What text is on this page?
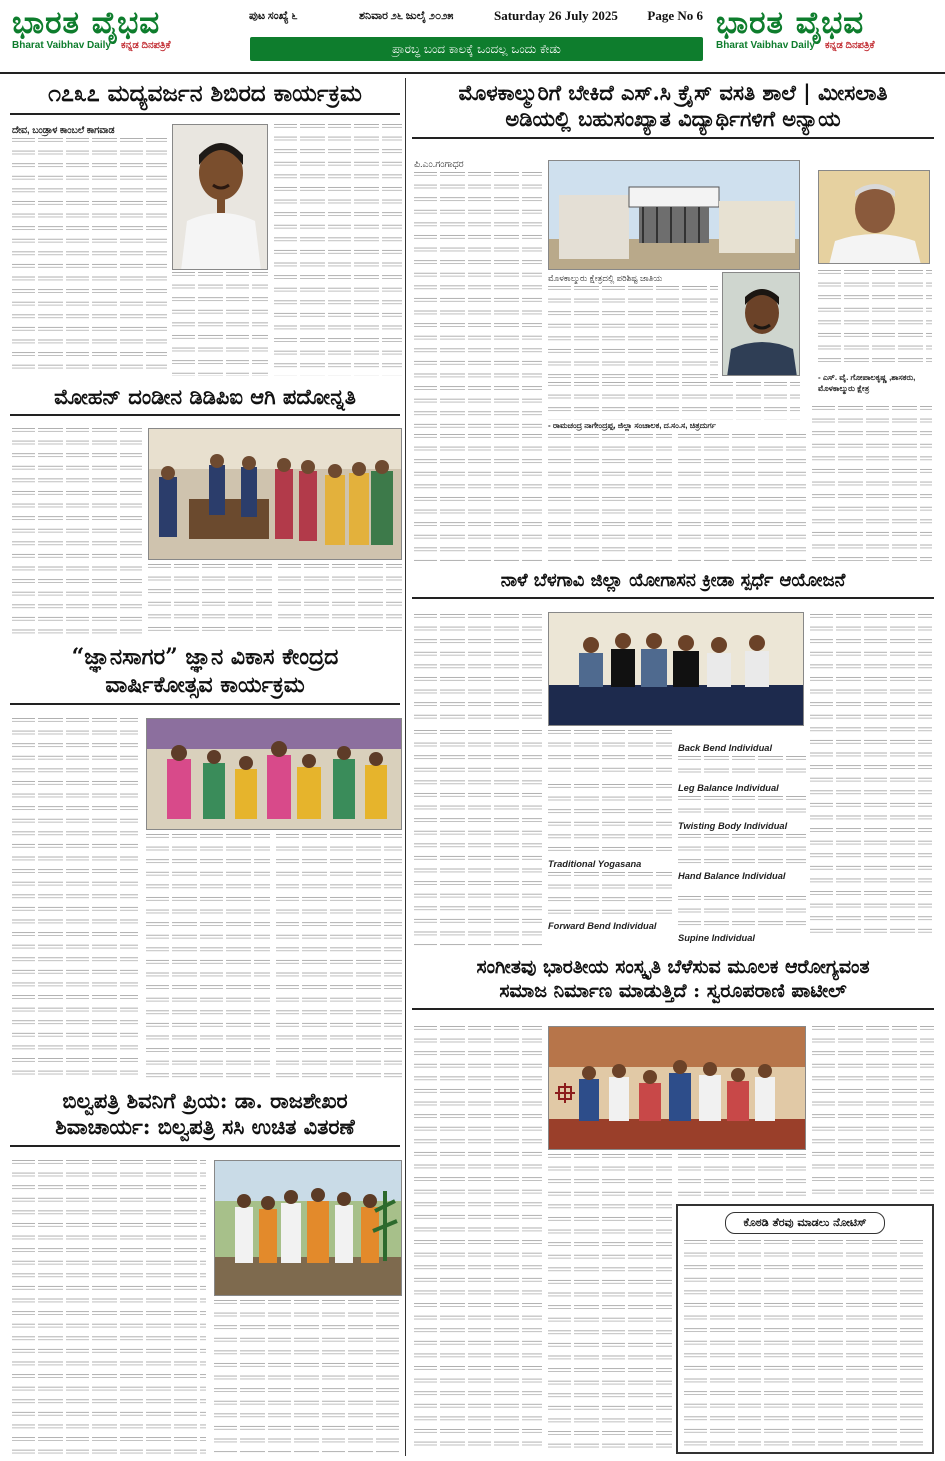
ಭಾರತ ವೈಭವ
Bharat Vaibhav Daily ಕನ್ನಡ ದಿನಪತ್ರಿಕೆ
ಪುಟ ಸಂಖ್ಯೆ ೬	ಶನಿವಾರ ೨೬ ಜುಲೈ ೨೦೨೫	Saturday 26 July 2025 Page No 6
ಪ್ರಾರಬ್ಧ ಬಂದ ಕಾಲಕ್ಕೆ ಒಂದಲ್ಲ ಒಂದು ಕೇಡು
ಭಾರತ ವೈಭವ
Bharat Vaibhav Daily ಕನ್ನಡ ದಿನಪತ್ರಿಕೆ
೧೭೩೭ ಮದ್ಯವರ್ಜನ ಶಿಬಿರದ ಕಾರ್ಯಕ್ರಮ
ದೇವ, ಬಂಡ್ರಾಳ ಕಾಂಬಲೆ ಕಾಗವಾಡ
ಮೋಹನ್ ದಂಡೀನ ಡಿಡಿಪಿಐ ಆಗಿ ಪದೋನ್ನತಿ
“ಜ್ಞಾನಸಾಗರ” ಜ್ಞಾನ ವಿಕಾಸ ಕೇಂದ್ರದ
ವಾರ್ಷಿಕೋತ್ಸವ ಕಾರ್ಯಕ್ರಮ
ಬಿಲ್ವಪತ್ರಿ ಶಿವನಿಗೆ ಪ್ರಿಯ: ಡಾ. ರಾಜಶೇಖರ
ಶಿವಾಚಾರ್ಯ: ಬಿಲ್ವಪತ್ರಿ ಸಸಿ ಉಚಿತ ವಿತರಣೆ
ಮೊಳಕಾಲ್ಮುರಿಗೆ ಬೇಕಿದೆ ಎಸ್.ಸಿ ಕ್ರೈಸ್ ವಸತಿ ಶಾಲೆ | ಮೀಸಲಾತಿ
ಅಡಿಯಲ್ಲಿ ಬಹುಸಂಖ್ಯಾತ ವಿದ್ಯಾರ್ಥಿಗಳಿಗೆ ಅನ್ಯಾಯ
ಪಿ.ಎಂ.ಗಂಗಾಧರ
ಮೊಳಕಾಲ್ಮುರು ಕ್ಷೇತ್ರದಲ್ಲಿ ಪರಿಶಿಷ್ಟ ಜಾತಿಯ
- ರಾಮಚಂದ್ರ ನಾಗೇಂದ್ರಪ್ಪ, ಜಿಲ್ಲಾ ಸಂಚಾಲಕ, ದ.ಸಂ.ಸ, ಚಿತ್ರದುರ್ಗ
- ಎಸ್. ವೈ. ಗೋಪಾಲಕೃಷ್ಣ ,ಶಾಸಕರು, ಮೊಳಕಾಲ್ಮುರು ಕ್ಷೇತ್ರ
ನಾಳೆ ಬೆಳಗಾವಿ ಜಿಲ್ಲಾ ಯೋಗಾಸನ ಕ್ರೀಡಾ ಸ್ಪರ್ಧೆ ಆಯೋಜನೆ
Forward Bend Individual
Traditional Yogasana
Back Bend Individual
Leg Balance Individual
Twisting Body Individual
Hand Balance Individual
Supine Individual
ಸಂಗೀತವು ಭಾರತೀಯ ಸಂಸ್ಕೃತಿ ಬೆಳೆಸುವ ಮೂಲಕ ಆರೋಗ್ಯವಂತ
ಸಮಾಜ ನಿರ್ಮಾಣ ಮಾಡುತ್ತಿದೆ : ಸ್ವರೂಪರಾಣಿ ಪಾಟೀಲ್
ಕೊಠಡಿ ತೆರವು ಮಾಡಲು ನೋಟಿಸ್
